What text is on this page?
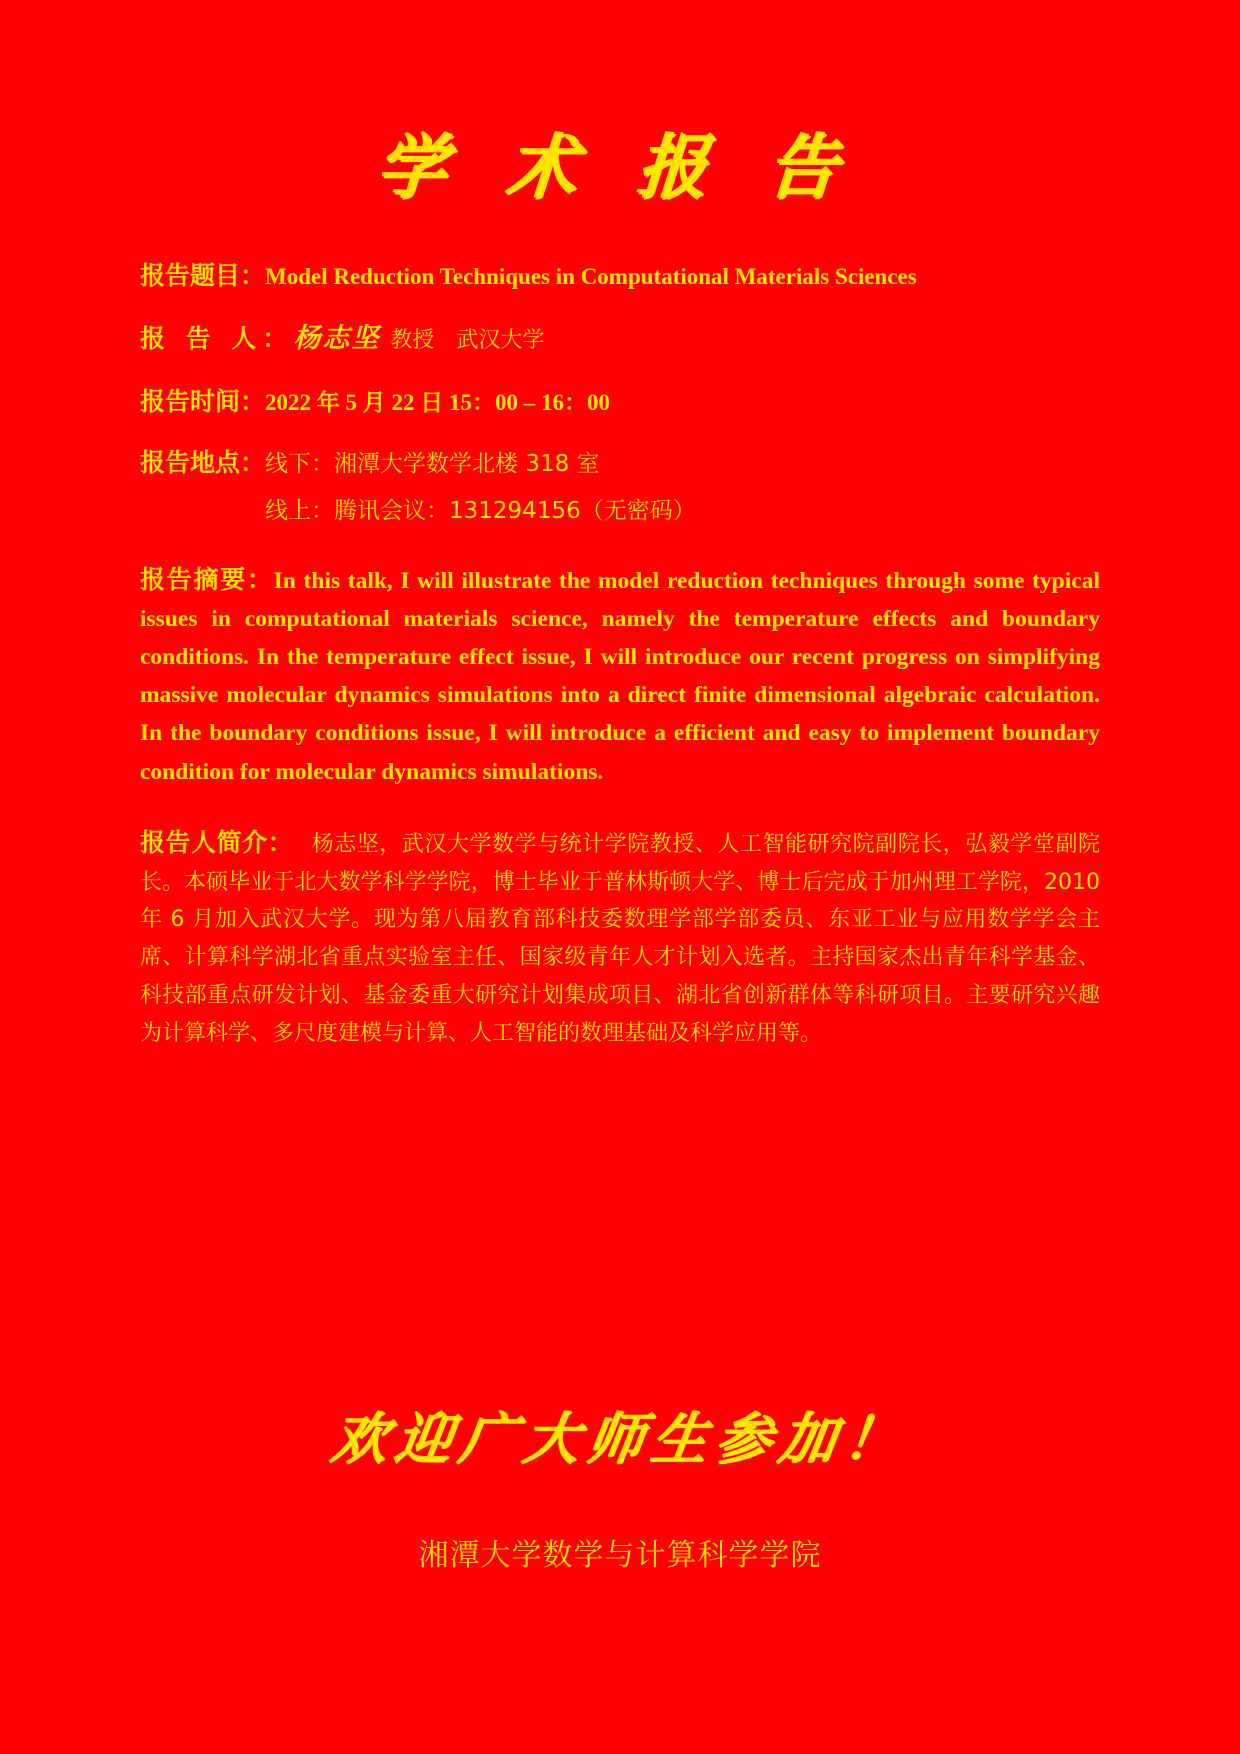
学 术 报 告
报告题目： Model Reduction Techniques in Computational Materials Sciences
报 告 人： 杨志坚 教授	武汉大学
报告时间： 2022 年 5 月 22 日 15：00 – 16：00
报告地点： 线下：湘潭大学数学北楼 318 室
线上：腾讯会议：131294156（无密码）

报告摘要：In this talk, I will illustrate the model reduction techniques through some typical issues in computational materials science, namely the temperature effects and boundary conditions. In the temperature effect issue, I will introduce our recent progress on simplifying massive molecular dynamics simulations into a direct finite dimensional algebraic calculation. In the boundary conditions issue, I will introduce a efficient and easy to implement boundary condition for molecular dynamics simulations.

报告人简介： 杨志坚，武汉大学数学与统计学院教授、人工智能研究院副院长，弘毅学堂副院长。本硕毕业于北大数学科学学院，博士毕业于普林斯顿大学、博士后完成于加州理工学院，2010 年 6 月加入武汉大学。现为第八届教育部科技委数理学部学部委员、东亚工业与应用数学学会主席、计算科学湖北省重点实验室主任、国家级青年人才计划入选者。主持国家杰出青年科学基金、科技部重点研发计划、基金委重大研究计划集成项目、湖北省创新群体等科研项目。主要研究兴趣为计算科学、多尺度建模与计算、人工智能的数理基础及科学应用等。

欢迎广大师生参加！
湘潭大学数学与计算科学学院
